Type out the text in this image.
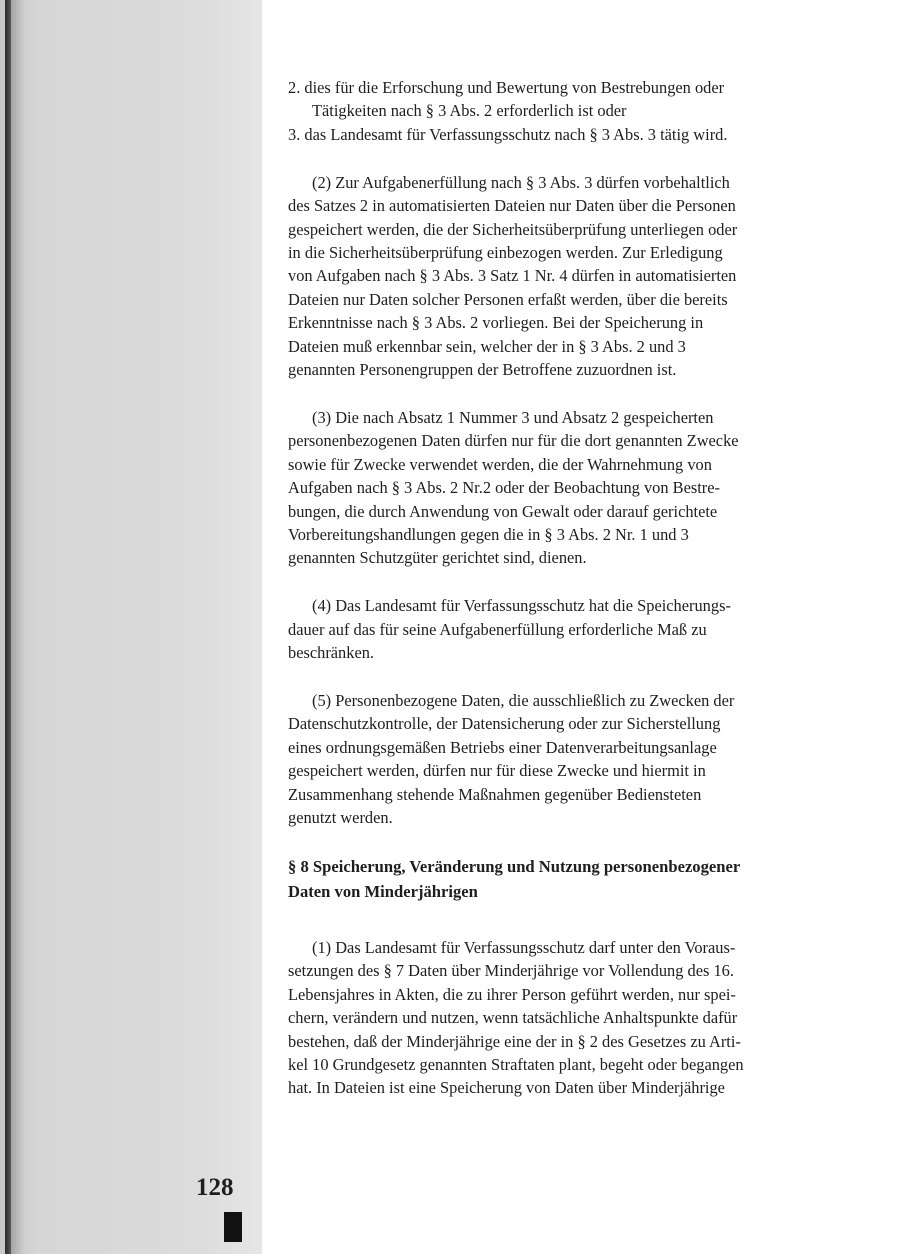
128
2. dies für die Erforschung und Bewertung von Bestrebungen oder
Tätigkeiten nach § 3 Abs. 2 erforderlich ist oder
3. das Landesamt für Verfassungsschutz nach § 3 Abs. 3 tätig wird.
(2) Zur Aufgabenerfüllung nach § 3 Abs. 3 dürfen vorbehaltlich
des Satzes 2 in automatisierten Dateien nur Daten über die Personen
gespeichert werden, die der Sicherheitsüberprüfung unterliegen oder
in die Sicherheitsüberprüfung einbezogen werden. Zur Erledigung
von Aufgaben nach § 3 Abs. 3 Satz 1 Nr. 4 dürfen in automatisierten
Dateien nur Daten solcher Personen erfaßt werden, über die bereits
Erkenntnisse nach § 3 Abs. 2 vorliegen. Bei der Speicherung in
Dateien muß erkennbar sein, welcher der in § 3 Abs. 2 und 3
genannten Personengruppen der Betroffene zuzuordnen ist.
(3) Die nach Absatz 1 Nummer 3 und Absatz 2 gespeicherten
personenbezogenen Daten dürfen nur für die dort genannten Zwecke
sowie für Zwecke verwendet werden, die der Wahrnehmung von
Aufgaben nach § 3 Abs. 2 Nr.2 oder der Beobachtung von Bestre-
bungen, die durch Anwendung von Gewalt oder darauf gerichtete
Vorbereitungshandlungen gegen die in § 3 Abs. 2 Nr. 1 und 3
genannten Schutzgüter gerichtet sind, dienen.
(4) Das Landesamt für Verfassungsschutz hat die Speicherungs-
dauer auf das für seine Aufgabenerfüllung erforderliche Maß zu
beschränken.
(5) Personenbezogene Daten, die ausschließlich zu Zwecken der
Datenschutzkontrolle, der Datensicherung oder zur Sicherstellung
eines ordnungsgemäßen Betriebs einer Datenverarbeitungsanlage
gespeichert werden, dürfen nur für diese Zwecke und hiermit in
Zusammenhang stehende Maßnahmen gegenüber Bediensteten
genutzt werden.
§ 8 Speicherung, Veränderung und Nutzung personenbezogener
Daten von Minderjährigen
(1) Das Landesamt für Verfassungsschutz darf unter den Voraus-
setzungen des § 7 Daten über Minderjährige vor Vollendung des 16.
Lebensjahres in Akten, die zu ihrer Person geführt werden, nur spei-
chern, verändern und nutzen, wenn tatsächliche Anhaltspunkte dafür
bestehen, daß der Minderjährige eine der in § 2 des Gesetzes zu Arti-
kel 10 Grundgesetz genannten Straftaten plant, begeht oder begangen
hat. In Dateien ist eine Speicherung von Daten über Minderjährige
